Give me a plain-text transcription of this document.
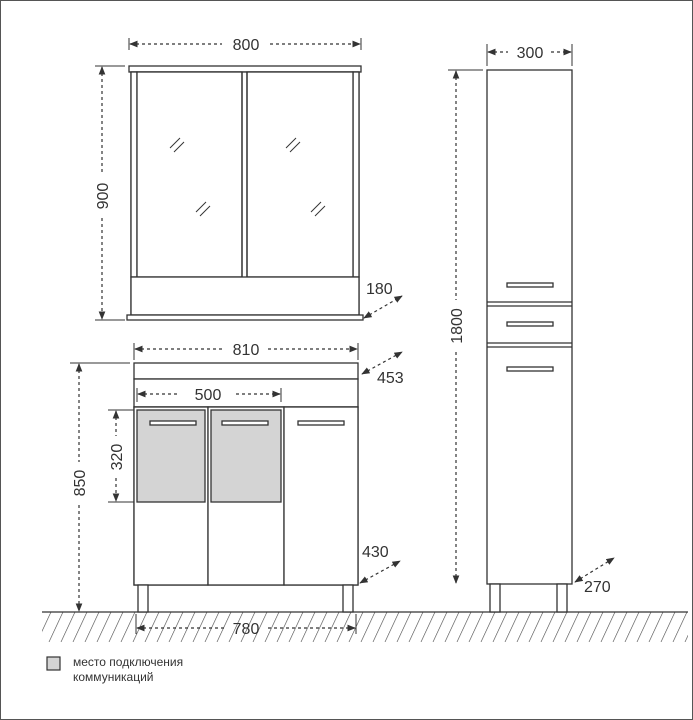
800
900
180
810
453
500
320
850
430
780
300
1800
270
место подключения
коммуникаций
